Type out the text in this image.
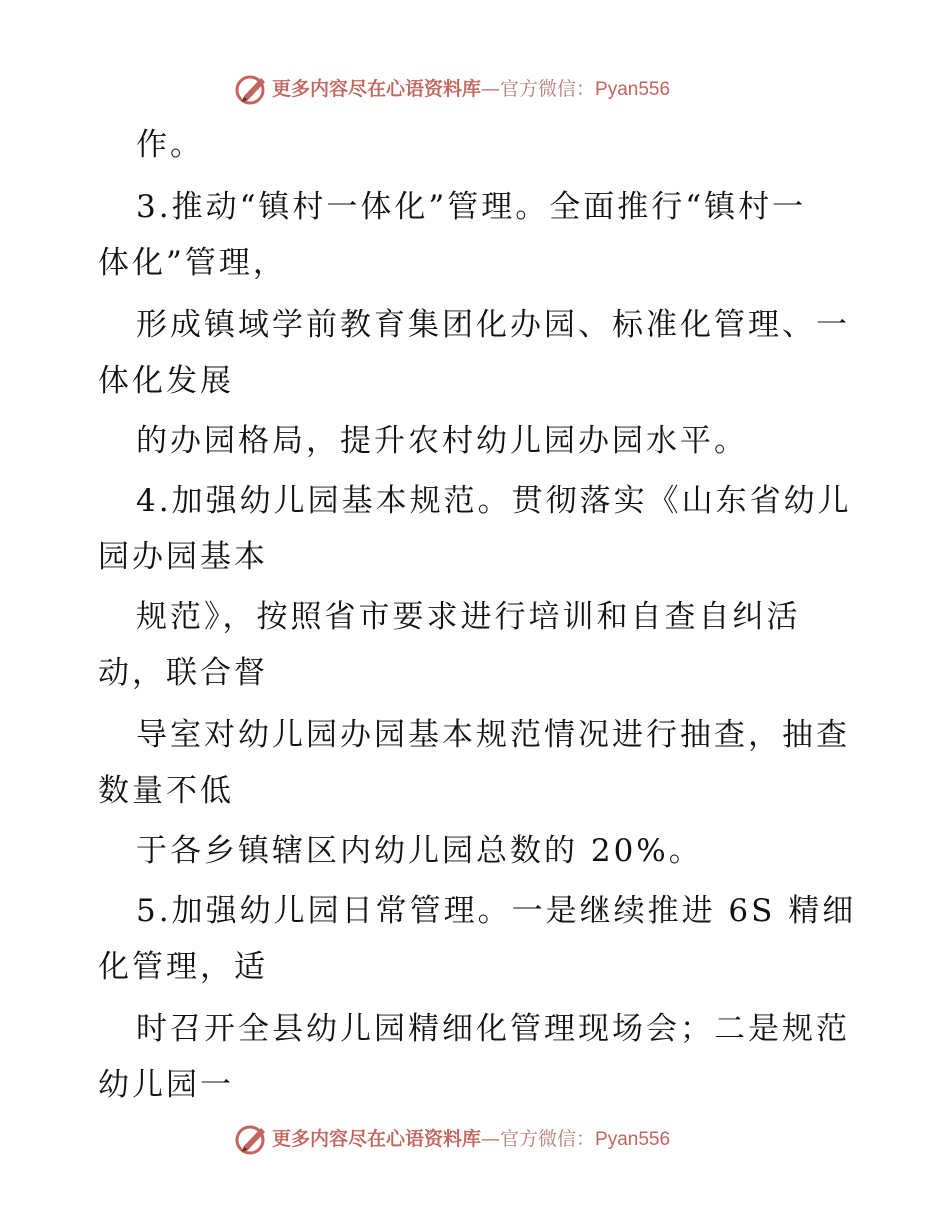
更多内容尽在心语资料库—官方微信：Pyan556
作。
3.推动“镇村一体化”管理。全面推行“镇村一
体化”管理，
形成镇域学前教育集团化办园、标准化管理、一
体化发展
的办园格局，提升农村幼儿园办园水平。
4.加强幼儿园基本规范。贯彻落实《山东省幼儿
园办园基本
规范》，按照省市要求进行培训和自查自纠活
动，联合督
导室对幼儿园办园基本规范情况进行抽查，抽查
数量不低
于各乡镇辖区内幼儿园总数的 20%。
5.加强幼儿园日常管理。一是继续推进 6S 精细
化管理，适
时召开全县幼儿园精细化管理现场会；二是规范
幼儿园一
更多内容尽在心语资料库—官方微信：Pyan556
